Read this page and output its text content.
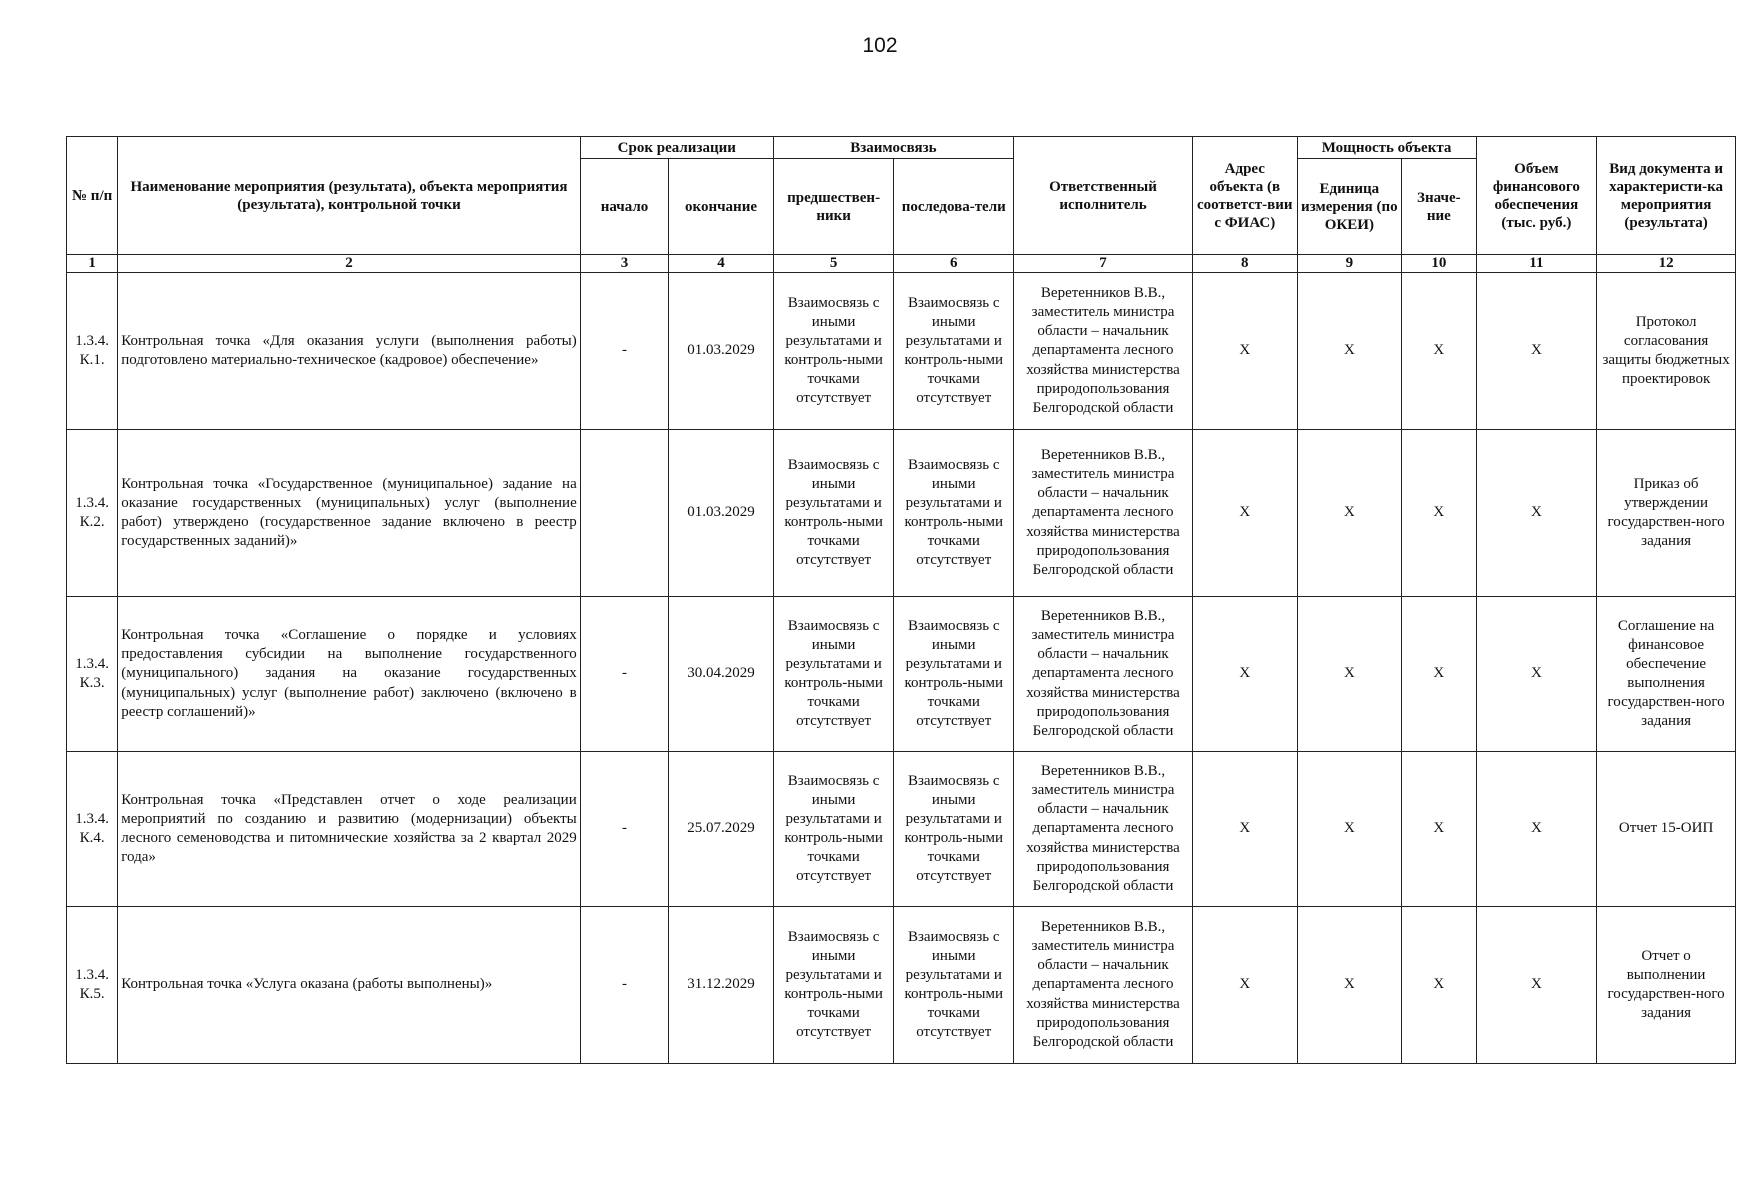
102
№ п/п	Наименование мероприятия (результата), объекта мероприятия (результата), контрольной точки	Срок реализации		Взаимосвязь		Ответственный исполнитель	Адрес объекта (в соответст-вии с ФИАС)	Мощность объекта		Объем финансового обеспечения (тыс. руб.)	Вид документа и характеристи-ка мероприятия (результата)
		начало	окончание	предшествен-ники	последова-тели			Единица измерения (по ОКЕИ)	Значе-ние		
1	2	3	4	5	6	7	8	9	10	11	12
1.3.4. К.1.	Контрольная точка «Для оказания услуги (выполнения работы) подготовлено материально-техническое (кадровое) обеспечение»	-	01.03.2029	Взаимосвязь с иными результатами и контроль-ными точками отсутствует	Взаимосвязь с иными результатами и контроль-ными точками отсутствует	Веретенников В.В., заместитель министра области – начальник департамента лесного хозяйства министерства природопользования Белгородской области	X	X	X	X	Протокол согласования защиты бюджетных проектировок
1.3.4. К.2.	Контрольная точка «Государственное (муниципальное) задание на оказание государственных (муниципальных) услуг (выполнение работ) утверждено (государственное задание включено в реестр государственных заданий)»		01.03.2029	Взаимосвязь с иными результатами и контроль-ными точками отсутствует	Взаимосвязь с иными результатами и контроль-ными точками отсутствует	Веретенников В.В., заместитель министра области – начальник департамента лесного хозяйства министерства природопользования Белгородской области	X	X	X	X	Приказ об утверждении государствен-ного задания
1.3.4. К.3.	Контрольная точка «Соглашение о порядке и условиях предоставления субсидии на выполнение государственного (муниципального) задания на оказание государственных (муниципальных) услуг (выполнение работ) заключено (включено в реестр соглашений)»	-	30.04.2029	Взаимосвязь с иными результатами и контроль-ными точками отсутствует	Взаимосвязь с иными результатами и контроль-ными точками отсутствует	Веретенников В.В., заместитель министра области – начальник департамента лесного хозяйства министерства природопользования Белгородской области	X	X	X	X	Соглашение на финансовое обеспечение выполнения государствен-ного задания
1.3.4. К.4.	Контрольная точка «Представлен отчет о ходе реализации мероприятий по созданию и развитию (модернизации) объекты лесного семеноводства и питомнические хозяйства за 2 квартал 2029 года»	-	25.07.2029	Взаимосвязь с иными результатами и контроль-ными точками отсутствует	Взаимосвязь с иными результатами и контроль-ными точками отсутствует	Веретенников В.В., заместитель министра области – начальник департамента лесного хозяйства министерства природопользования Белгородской области	X	X	X	X	Отчет 15-ОИП
1.3.4. К.5.	Контрольная точка «Услуга оказана (работы выполнены)»	-	31.12.2029	Взаимосвязь с иными результатами и контроль-ными точками отсутствует	Взаимосвязь с иными результатами и контроль-ными точками отсутствует	Веретенников В.В., заместитель министра области – начальник департамента лесного хозяйства министерства природопользования Белгородской области	X	X	X	X	Отчет о выполнении государствен-ного задания
